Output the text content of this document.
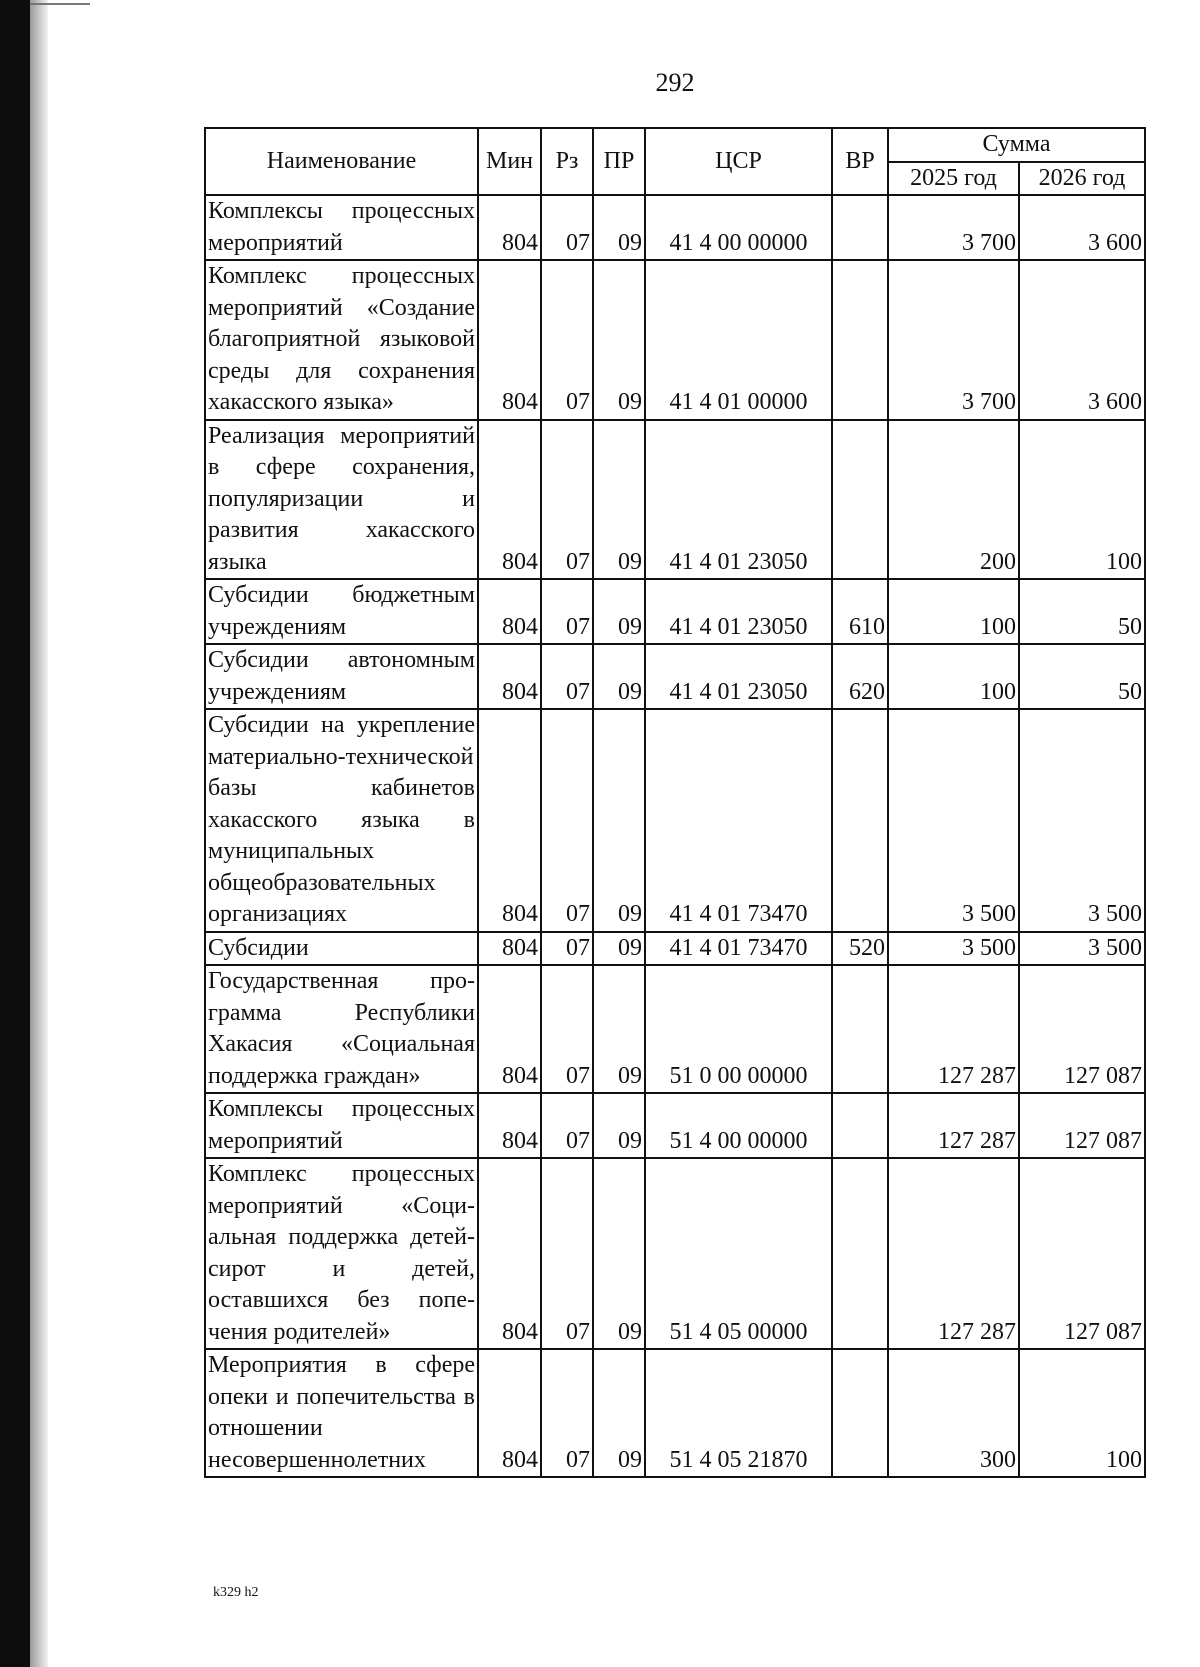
292
Наименование	Мин	Рз	ПР	ЦСР	ВР	Сумма	
						2025 год	2026 год
Комплексы процессных мероприятий	804	07	09	41 4 00 00000		3 700	3 600
Комплекс процессных мероприятий «Создание благоприятной языковой среды для сохранения хакасского языка»	804	07	09	41 4 01 00000		3 700	3 600
Реализация мероприятий в сфере сохранения, популяризации и развития хакасского языка	804	07	09	41 4 01 23050		200	100
Субсидии бюджетным учреждениям	804	07	09	41 4 01 23050	610	100	50
Субсидии автономным учреждениям	804	07	09	41 4 01 23050	620	100	50
Субсидии на укрепление материально-технической базы кабинетов хакасского языка в муниципальных общеобразовательных организациях	804	07	09	41 4 01 73470		3 500	3 500
Субсидии	804	07	09	41 4 01 73470	520	3 500	3 500
Государственная программа Республики Хакасия «Социальная поддержка граждан»	804	07	09	51 0 00 00000		127 287	127 087
Комплексы процессных мероприятий	804	07	09	51 4 00 00000		127 287	127 087
Комплекс процессных мероприятий «Социальная поддержка детей-сирот и детей, оставшихся без попечения родителей»	804	07	09	51 4 05 00000		127 287	127 087
Мероприятия в сфере опеки и попечительства в отношении несовершеннолетних	804	07	09	51 4 05 21870		300	100
k329 h2
